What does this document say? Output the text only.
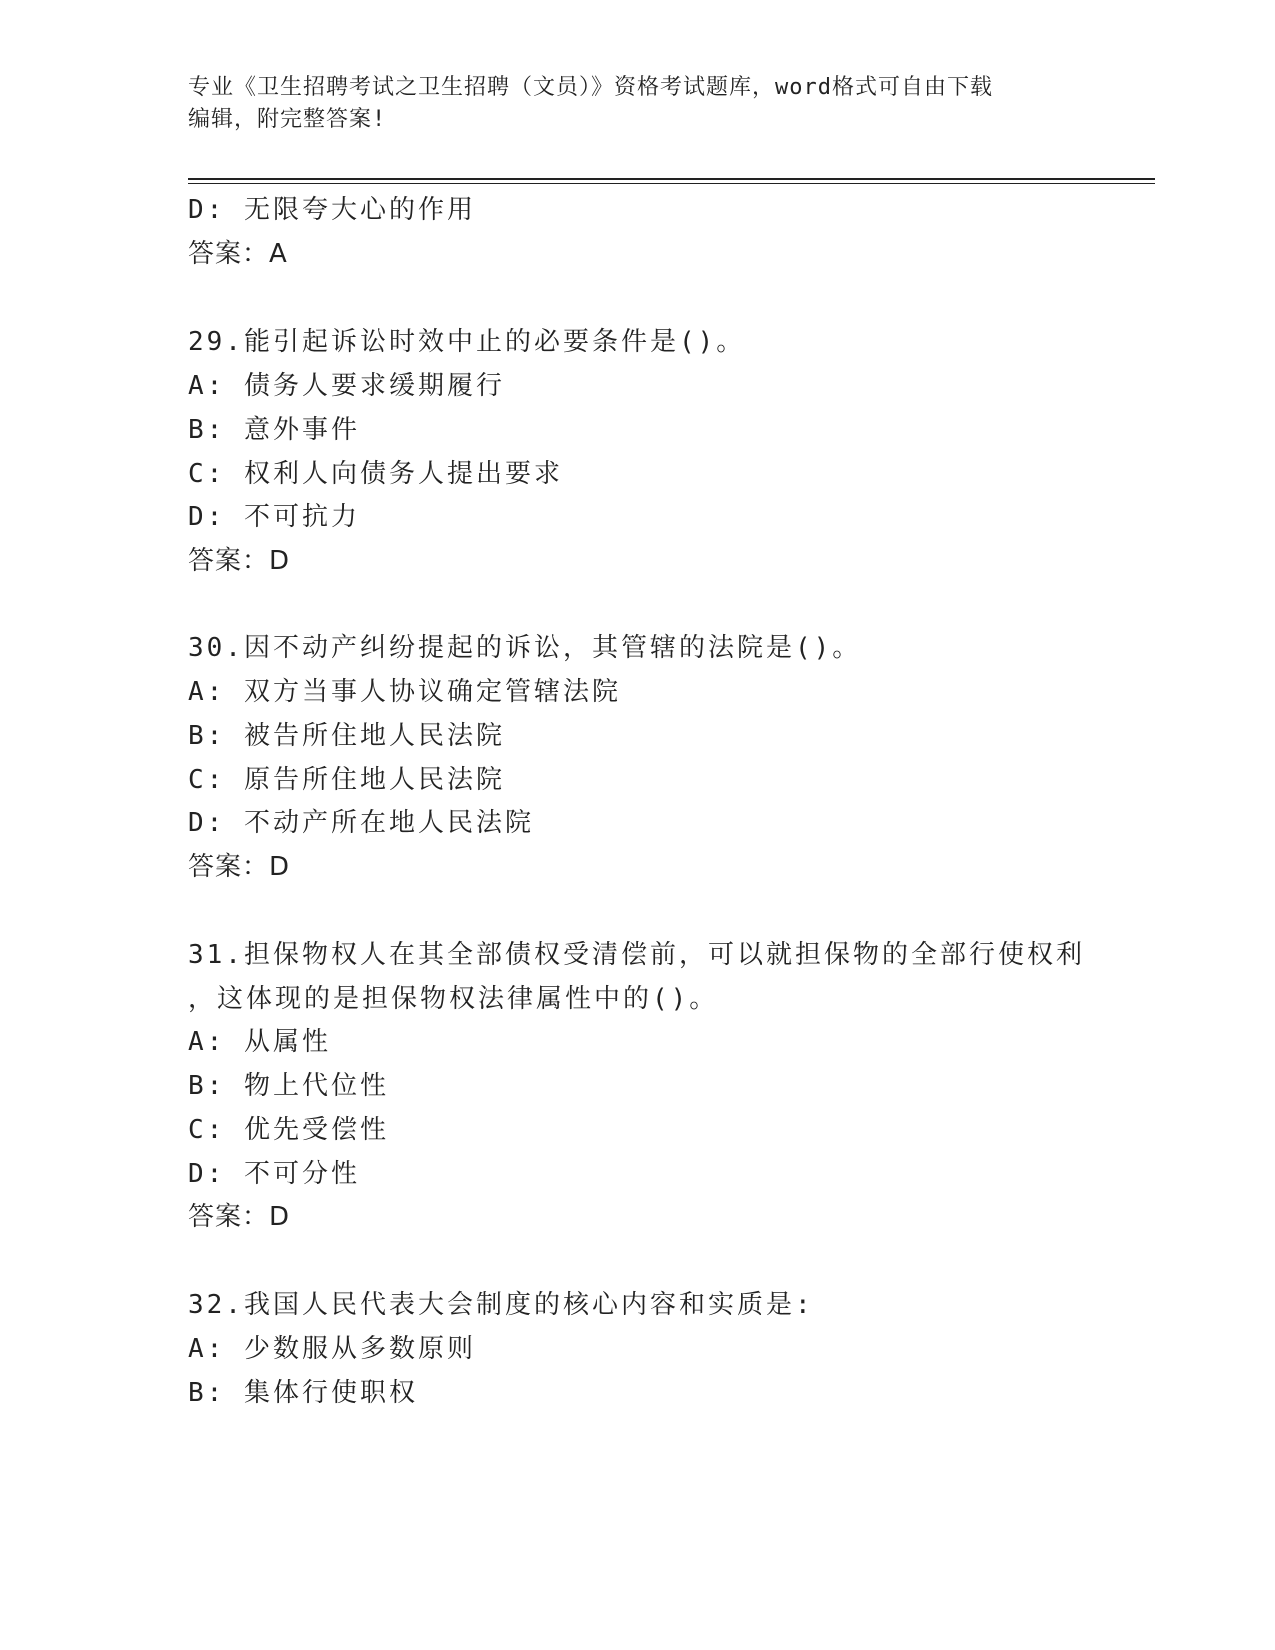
专业《卫生招聘考试之卫生招聘（文员）》资格考试题库，word格式可自由下载
编辑，附完整答案!
D: 无限夸大心的作用
答案：A
29.能引起诉讼时效中止的必要条件是()。
A: 债务人要求缓期履行
B: 意外事件
C: 权利人向债务人提出要求
D: 不可抗力
答案：D
30.因不动产纠纷提起的诉讼，其管辖的法院是()。
A: 双方当事人协议确定管辖法院
B: 被告所住地人民法院
C: 原告所住地人民法院
D: 不动产所在地人民法院
答案：D
31.担保物权人在其全部债权受清偿前，可以就担保物的全部行使权利
，这体现的是担保物权法律属性中的()。
A: 从属性
B: 物上代位性
C: 优先受偿性
D: 不可分性
答案：D
32.我国人民代表大会制度的核心内容和实质是:
A: 少数服从多数原则
B: 集体行使职权
